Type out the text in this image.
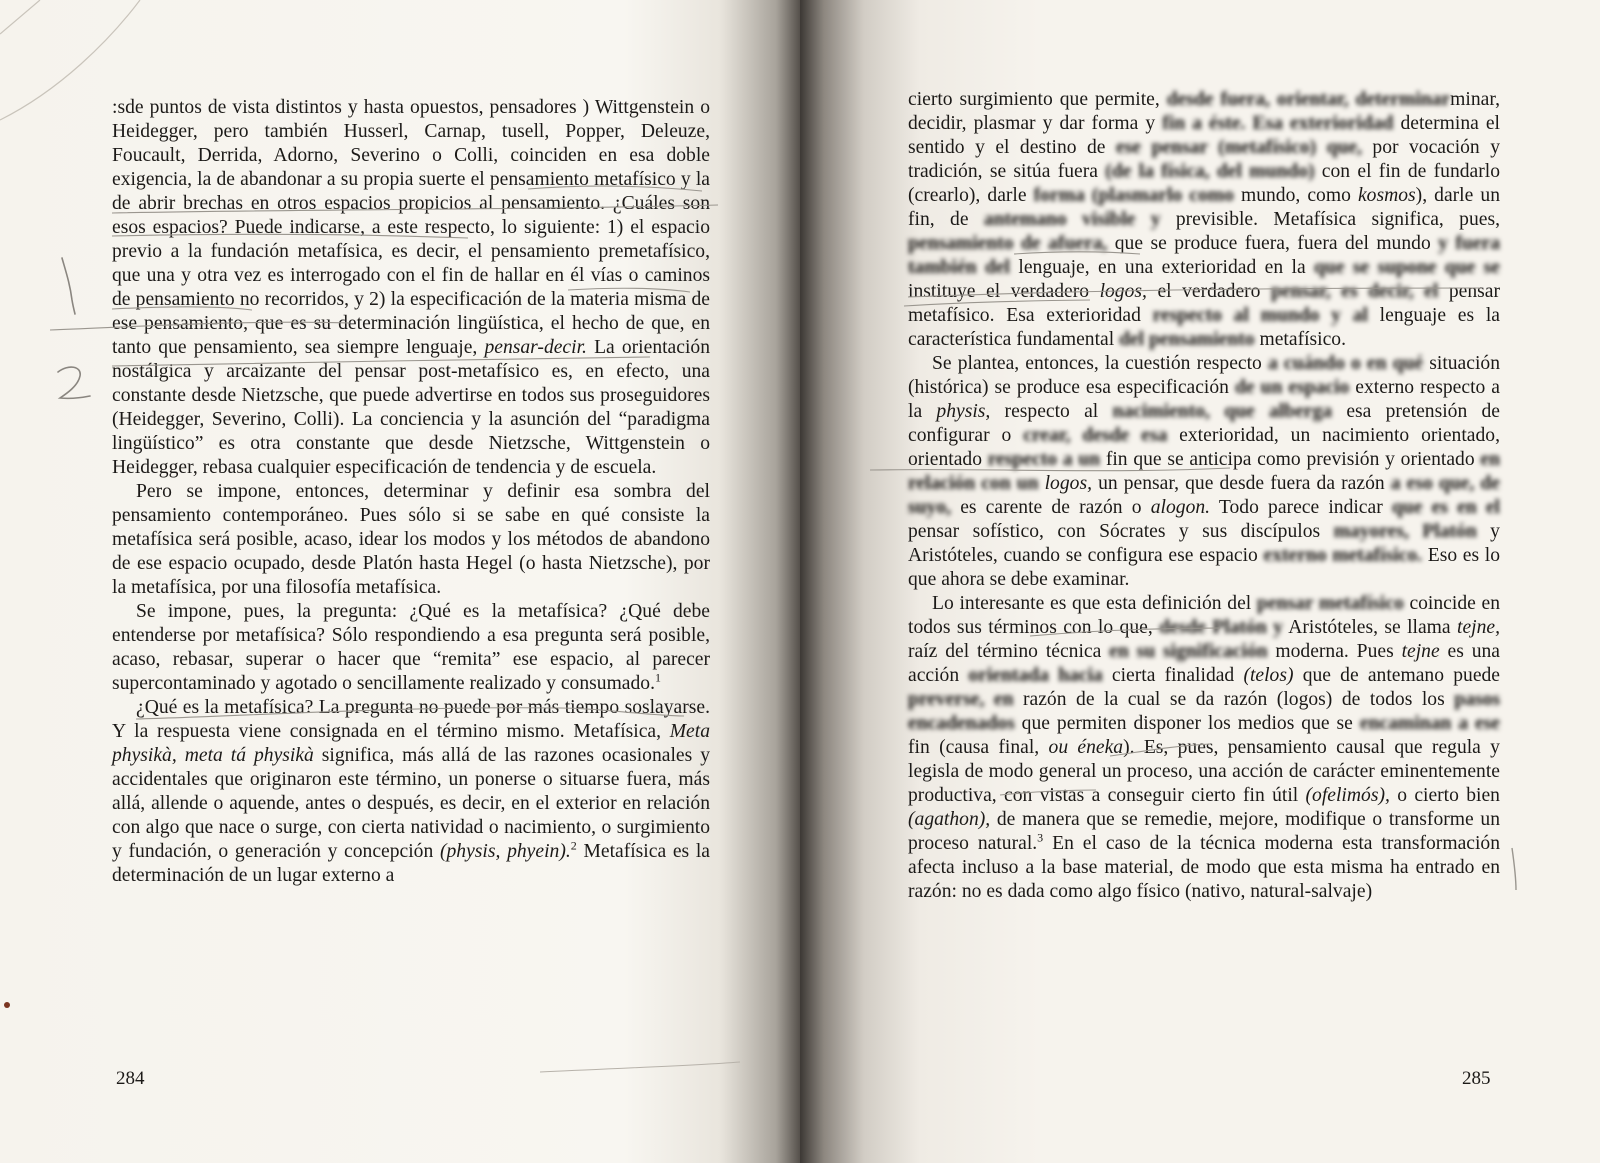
:sde puntos de vista distintos y hasta opuestos, pensadores ) Wittgenstein o Heidegger, pero también Husserl, Carnap, tusell, Popper, Deleuze, Foucault, Derrida, Adorno, Severino o Colli, coinciden en esa doble exigencia, la de abandonar a su propia suerte el pensamiento metafísico y la de abrir brechas en otros espacios propicios al pensamiento. ¿Cuáles son esos espacios? Puede indicarse, a este respecto, lo siguiente: 1) el espacio previo a la fundación metafísica, es decir, el pensamiento premetafísico, que una y otra vez es interrogado con el fin de hallar en él vías o caminos de pensamiento no recorridos, y 2) la especificación de la materia misma de ese pensamiento, que es su determinación lingüística, el hecho de que, en tanto que pensamiento, sea siempre lenguaje, pensar-decir. La orientación nostálgica y arcaizante del pensar post-metafísico es, en efecto, una constante desde Nietzsche, que puede advertirse en todos sus proseguidores (Heidegger, Severino, Colli). La conciencia y la asunción del “paradigma lingüístico” es otra constante que desde Nietzsche, Wittgenstein o Heidegger, rebasa cualquier especificación de tendencia y de escuela.

Pero se impone, entonces, determinar y definir esa sombra del pensamiento contemporáneo. Pues sólo si se sabe en qué consiste la metafísica será posible, acaso, idear los modos y los métodos de abandono de ese espacio ocupado, desde Platón hasta Hegel (o hasta Nietzsche), por la metafísica, por una filosofía metafísica.

Se impone, pues, la pregunta: ¿Qué es la metafísica? ¿Qué debe entenderse por metafísica? Sólo respondiendo a esa pregunta será posible, acaso, rebasar, superar o hacer que “remita” ese espacio, al parecer supercontaminado y agotado o sencillamente realizado y consumado.$^1$

¿Qué es la metafísica? La pregunta no puede por más tiempo soslayarse. Y la respuesta viene consignada en el término mismo. Metafísica, Meta physikà, meta tá physikà significa, más allá de las razones ocasionales y accidentales que originaron este término, un ponerse o situarse fuera, más allá, allende o aquende, antes o después, es decir, en el exterior en relación con algo que nace o surge, con cierta natividad o nacimiento, o surgimiento y fundación, o generación y concepción (physis, phyein).$^2$ Metafísica es la determinación de un lugar externo a

284

cierto surgimiento que permite, desde fuera, orientar, determinarminar, decidir, plasmar y dar forma y fin a éste. Esa exterioridad determina el sentido y el destino de ese pensar (metafísico) que, por vocación y tradición, se sitúa fuera (de la física, del mundo) con el fin de fundarlo (crearlo), darle forma (plasmarlo como mundo, como kosmos), darle un fin, de antemano visible y previsible. Metafísica significa, pues, pensamiento de afuera, que se produce fuera, fuera del mundo y fuera también del lenguaje, en una exterioridad en la que se supone que se instituye el verdadero logos, el verdadero pensar, es decir, el pensar metafísico. Esa exterioridad respecto al mundo y al lenguaje es la característica fundamental del pensamiento metafísico.

Se plantea, entonces, la cuestión respecto a cuándo o en qué situación (histórica) se produce esa especificación de un espacio externo respecto a la physis, respecto al nacimiento, que alberga esa pretensión de configurar o crear, desde esa exterioridad, un nacimiento orientado, orientado respecto a un fin que se anticipa como previsión y orientado en relación con un logos, un pensar, que desde fuera da razón a eso que, de suyo, es carente de razón o alogon. Todo parece indicar que es en el pensar sofístico, con Sócrates y sus discípulos mayores, Platón y Aristóteles, cuando se configura ese espacio externo metafísico. Eso es lo que ahora se debe examinar.

Lo interesante es que esta definición del pensar metafísico coincide en todos sus términos con lo que, desde Platón y Aristóteles, se llama tejne, raíz del término técnica en su significación moderna. Pues tejne es una acción orientada hacia cierta finalidad (telos) que de antemano puede preverse, en razón de la cual se da razón (logos) de todos los pasos encadenados que permiten disponer los medios que se encaminan a ese fin (causa final, ou éneka). Es, pues, pensamiento causal que regula y legisla de modo general un proceso, una acción de carácter eminentemente productiva, con vistas a conseguir cierto fin útil (ofelimós), o cierto bien (agathon), de manera que se remedie, mejore, modifique o transforme un proceso natural.$^3$ En el caso de la técnica moderna esta transformación afecta incluso a la base material, de modo que esta misma ha entrado en razón: no es dada como algo físico (nativo, natural-salvaje)

285
